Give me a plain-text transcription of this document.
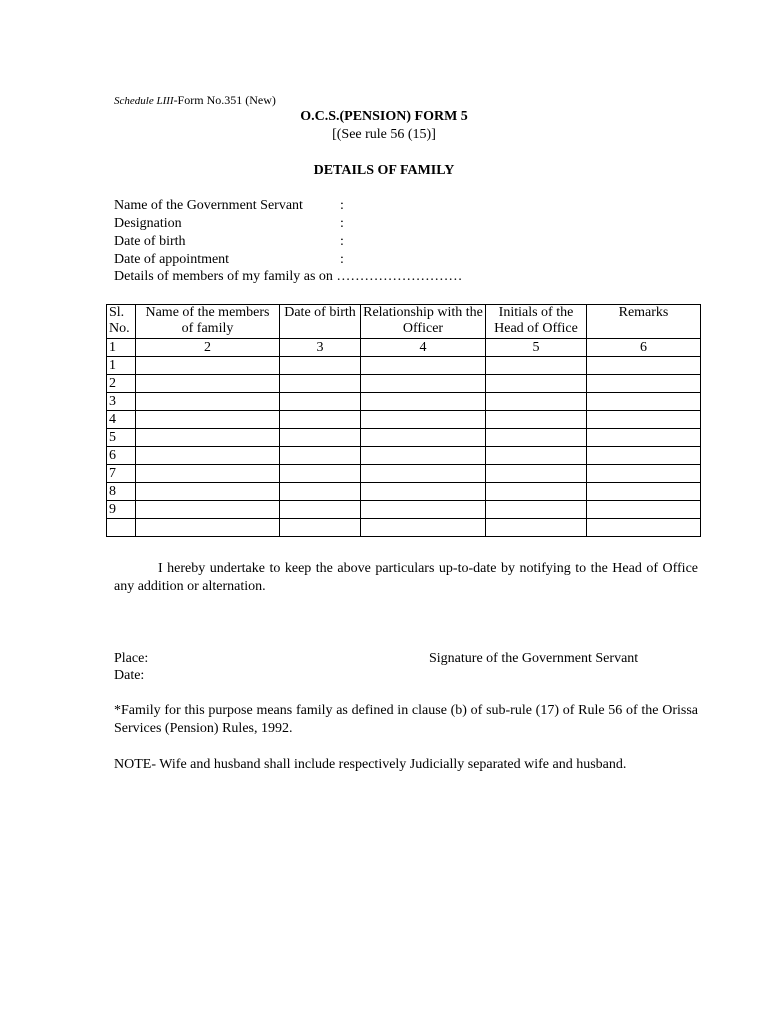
Schedule LIII-Form No.351 (New)
O.C.S.(PENSION) FORM 5
[(See rule 56 (15)]
DETAILS OF FAMILY
Name of the Government Servant	:
Designation	:
Date of birth	:
Date of appointment	:
Details of members of my family as on ………………………
Sl. No.	Name of the members of family	Date of birth	Relationship with the Officer	Initials of the Head of Office	Remarks
1	2	3	4	5	6
1					
2					
3					
4					
5					
6					
7					
8					
9					

I hereby undertake to keep the above particulars up-to-date by notifying to the Head of Office any addition or alternation.
Place:
Date:
Signature of the Government Servant
*Family for this purpose means family as defined in clause (b) of sub-rule (17) of Rule 56 of the Orissa Services (Pension) Rules, 1992.
NOTE- Wife and husband shall include respectively Judicially separated wife and husband.
